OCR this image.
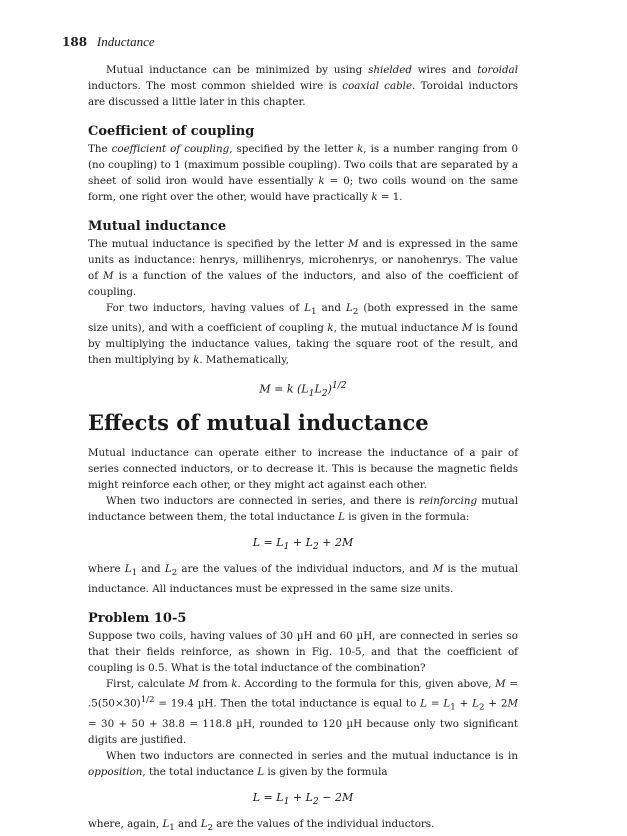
188 Inductance

Mutual inductance can be minimized by using shielded wires and toroidal inductors. The most common shielded wire is coaxial cable. Toroidal inductors are discussed a little later in this chapter.

Coefficient of coupling

The coefficient of coupling, specified by the letter k, is a number ranging from 0 (no coupling) to 1 (maximum possible coupling). Two coils that are separated by a sheet of solid iron would have essentially k = 0; two coils wound on the same form, one right over the other, would have practically k = 1.

Mutual inductance

The mutual inductance is specified by the letter M and is expressed in the same units as inductance: henrys, millihenrys, microhenrys, or nanohenrys. The value of M is a function of the values of the inductors, and also of the coefficient of coupling.

For two inductors, having values of $L_1$ and $L_2$ (both expressed in the same size units), and with a coefficient of coupling k, the mutual inductance M is found by multiplying the inductance values, taking the square root of the result, and then multiplying by k. Mathematically,

M = k $(L_1L_2)^{1/2}$
Effects of mutual inductance

Mutual inductance can operate either to increase the inductance of a pair of series connected inductors, or to decrease it. This is because the magnetic fields might reinforce each other, or they might act against each other.

When two inductors are connected in series, and there is reinforcing mutual inductance between them, the total inductance L is given in the formula:

$L = L_1 + L_2 + 2M$

where $L_1$ and $L_2$ are the values of the individual inductors, and M is the mutual inductance. All inductances must be expressed in the same size units.

Problem 10-5

Suppose two coils, having values of 30 µH and 60 µH, are connected in series so that their fields reinforce, as shown in Fig. 10-5, and that the coefficient of coupling is 0.5. What is the total inductance of the combination?

First, calculate M from k. According to the formula for this, given above, $M = .5(50\times 30)^{1/2} = 19.4$ µH. Then the total inductance is equal to $L = L_1 + L_2 + 2M = 30 + 50 + 38.8 = 118.8$ µH, rounded to 120 µH because only two significant digits are justified.

When two inductors are connected in series and the mutual inductance is in opposition, the total inductance L is given by the formula

$L = L_1 + L_2 - 2M$

where, again, $L_1$ and $L_2$ are the values of the individual inductors.
